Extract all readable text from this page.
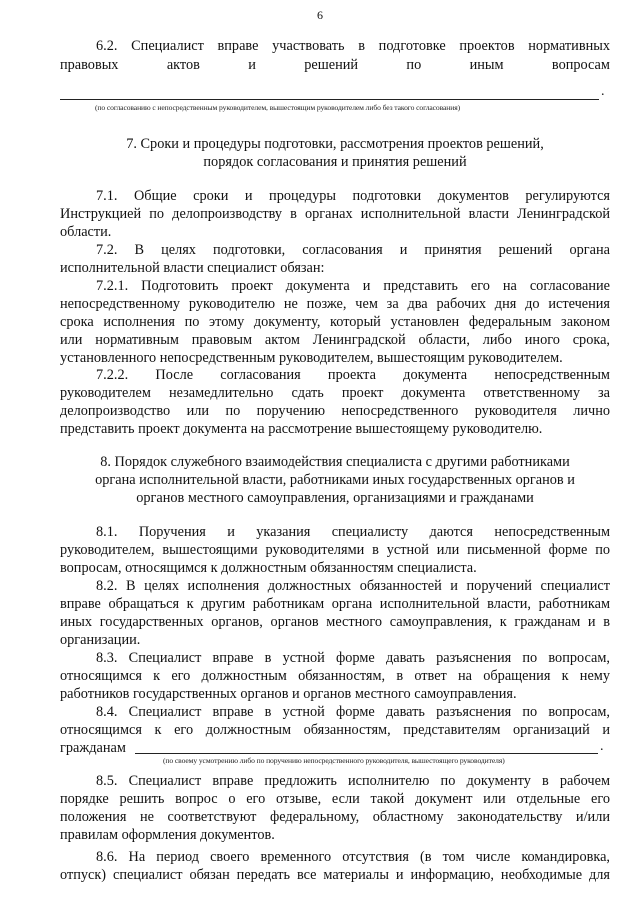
6
6.2. Специалист вправе участвовать в подготовке проектов нормативных
правовых	актов	и	решений	по	иным	вопросам
.
(по согласованию с непосредственным руководителем, вышестоящим руководителем либо без такого согласования)
7. Сроки и процедуры подготовки, рассмотрения проектов решений,
порядок согласования и принятия решений
7.1. Общие сроки и процедуры подготовки документов регулируются
Инструкцией по делопроизводству в органах исполнительной власти Ленинградской
области.
7.2. В целях подготовки, согласования и принятия решений органа
исполнительной власти специалист обязан:
7.2.1. Подготовить проект документа и представить его на согласование
непосредственному руководителю не позже, чем за два рабочих дня до истечения
срока исполнения по этому документу, который установлен федеральным законом
или нормативным правовым актом Ленинградской области, либо иного срока,
установленного непосредственным руководителем, вышестоящим руководителем.
7.2.2. После согласования проекта документа непосредственным
руководителем незамедлительно сдать проект документа ответственному за
делопроизводство или по поручению непосредственного руководителя лично
представить проект документа на рассмотрение вышестоящему руководителю.
8. Порядок служебного взаимодействия специалиста с другими работниками
органа исполнительной власти, работниками иных государственных органов и
органов местного самоуправления, организациями и гражданами
8.1. Поручения и указания специалисту даются непосредственным
руководителем, вышестоящими руководителями в устной или письменной форме по
вопросам, относящимся к должностным обязанностям специалиста.
8.2. В целях исполнения должностных обязанностей и поручений специалист
вправе обращаться к другим работникам органа исполнительной власти, работникам
иных государственных органов, органов местного самоуправления, к гражданам и в
организации.
8.3. Специалист вправе в устной форме давать разъяснения по вопросам,
относящимся к его должностным обязанностям, в ответ на обращения к нему
работников государственных органов и органов местного самоуправления.
8.4. Специалист вправе в устной форме давать разъяснения по вопросам,
относящимся к его должностным обязанностям, представителям организаций и
гражданам	.
(по своему усмотрению либо по поручению непосредственного руководителя, вышестоящего руководителя)
8.5. Специалист вправе предложить исполнителю по документу в рабочем
порядке решить вопрос о его отзыве, если такой документ или отдельные его
положения не соответствуют федеральному, областному законодательству и/или
правилам оформления документов.
8.6. На период своего временного отсутствия (в том числе командировка,
отпуск) специалист обязан передать все материалы и информацию, необходимые для
